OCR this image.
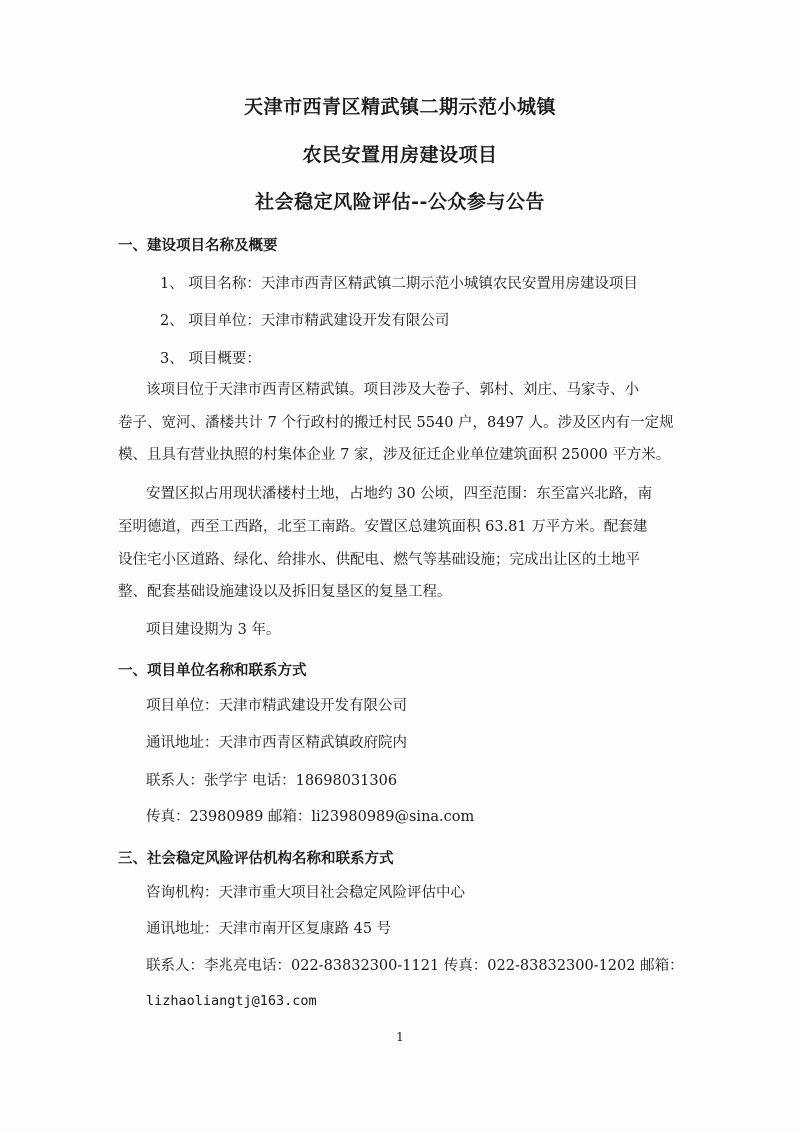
天津市西青区精武镇二期示范小城镇
农民安置用房建设项目
社会稳定风险评估--公众参与公告
一、建设项目名称及概要
1、 项目名称：天津市西青区精武镇二期示范小城镇农民安置用房建设项目
2、 项目单位：天津市精武建设开发有限公司
3、 项目概要：
该项目位于天津市西青区精武镇。项目涉及大卷子、郭村、刘庄、马家寺、小
卷子、宽河、潘楼共计 7 个行政村的搬迁村民 5540 户，8497 人。涉及区内有一定规
模、且具有营业执照的村集体企业 7 家，涉及征迁企业单位建筑面积 25000 平方米。
安置区拟占用现状潘楼村土地，占地约 30 公顷，四至范围：东至富兴北路，南
至明德道，西至工西路，北至工南路。安置区总建筑面积 63.81 万平方米。配套建
设住宅小区道路、绿化、给排水、供配电、燃气等基础设施；完成出让区的土地平
整、配套基础设施建设以及拆旧复垦区的复垦工程。
项目建设期为 3 年。
一、项目单位名称和联系方式
项目单位：天津市精武建设开发有限公司
通讯地址：天津市西青区精武镇政府院内
联系人：张学宇 电话：18698031306
传真：23980989 邮箱：li23980989@sina.com
三、社会稳定风险评估机构名称和联系方式
咨询机构：天津市重大项目社会稳定风险评估中心
通讯地址：天津市南开区复康路 45 号
联系人：李兆亮电话：022-83832300-1121 传真：022-83832300-1202 邮箱：
lizhaoliangtj@163.com
1
